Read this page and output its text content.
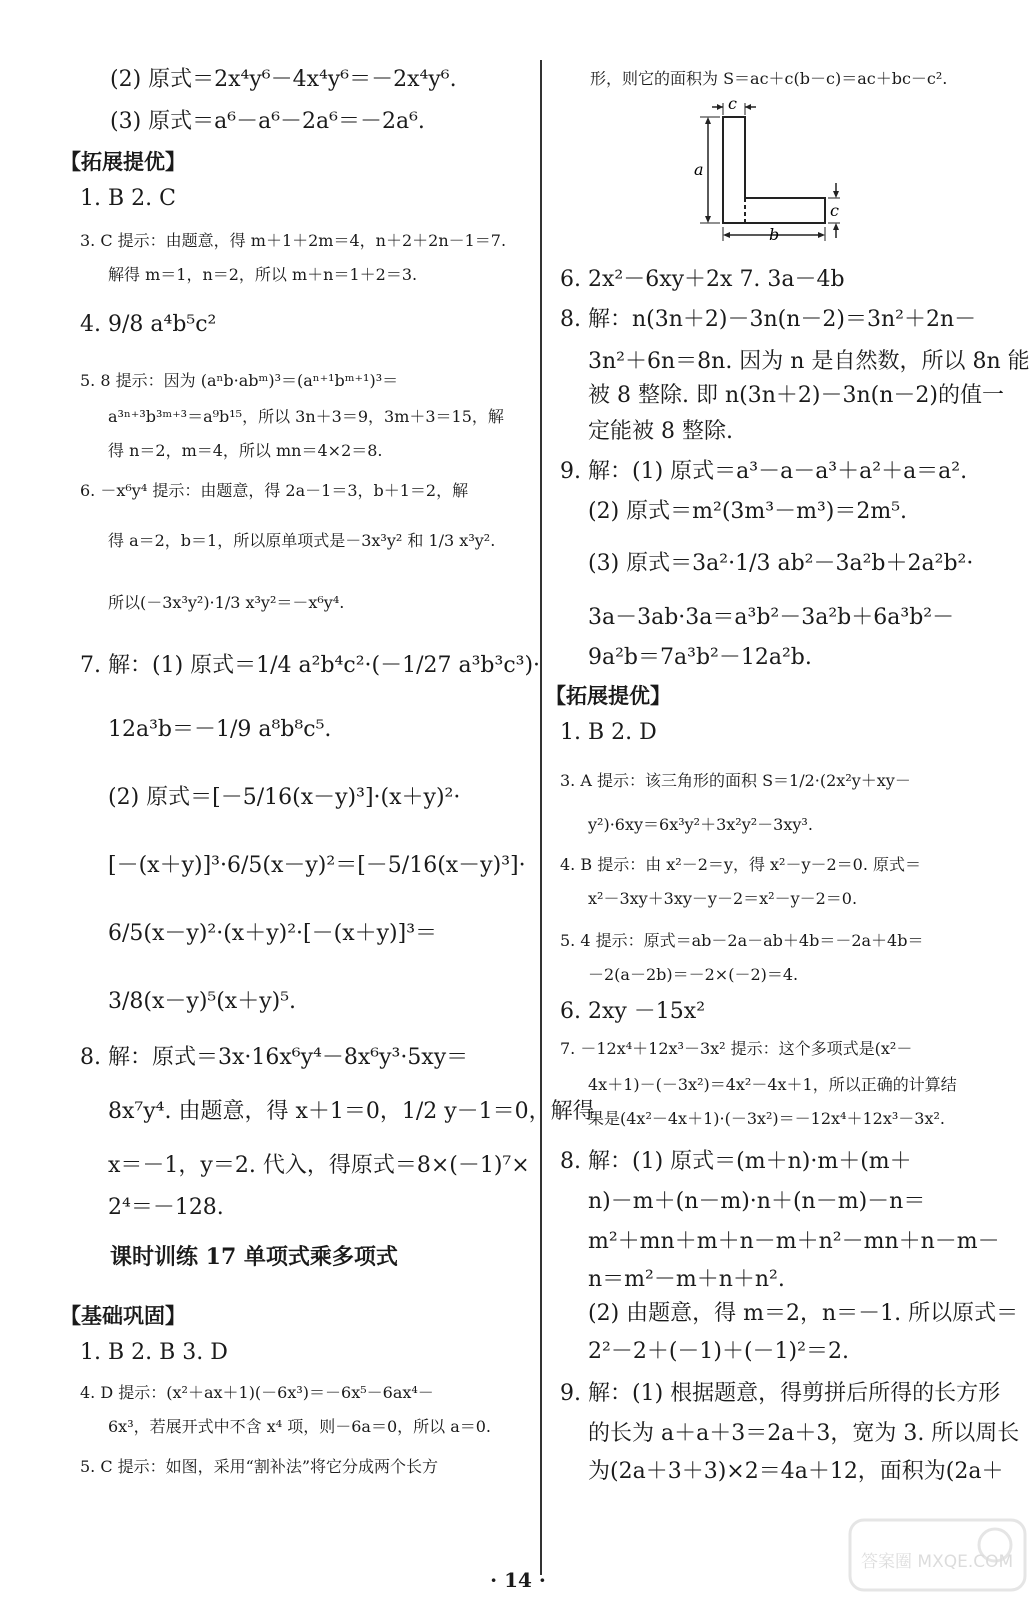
(2) 原式＝2x⁴y⁶－4x⁴y⁶＝－2x⁴y⁶.
(3) 原式＝a⁶－a⁶－2a⁶＝－2a⁶.
【拓展提优】
1. B 2. C
3. C 提示：由题意，得 m＋1＋2m＝4，n＋2＋2n－1＝7.
解得 m＝1，n＝2，所以 m＋n＝1＋2＝3.
4. 9/8 a⁴b⁵c²
5. 8 提示：因为 (aⁿb·abᵐ)³＝(aⁿ⁺¹bᵐ⁺¹)³＝
a³ⁿ⁺³b³ᵐ⁺³＝a⁹b¹⁵，所以 3n＋3＝9，3m＋3＝15，解
得 n＝2，m＝4，所以 mn＝4×2＝8.
6. －x⁶y⁴ 提示：由题意，得 2a－1＝3，b＋1＝2，解
得 a＝2，b＝1，所以原单项式是－3x³y² 和 1/3 x³y².
所以(－3x³y²)·1/3 x³y²＝－x⁶y⁴.
7. 解：(1) 原式＝1/4 a²b⁴c²·(－1/27 a³b³c³)·
12a³b＝－1/9 a⁸b⁸c⁵.
(2) 原式＝[－5/16(x－y)³]·(x＋y)²·
[－(x＋y)]³·6/5(x－y)²＝[－5/16(x－y)³]·
6/5(x－y)²·(x＋y)²·[－(x＋y)]³＝
3/8(x－y)⁵(x＋y)⁵.
8. 解：原式＝3x·16x⁶y⁴－8x⁶y³·5xy＝
8x⁷y⁴. 由题意，得 x＋1＝0，1/2 y－1＝0，解得
x＝－1，y＝2. 代入，得原式＝8×(－1)⁷×
2⁴＝－128.
课时训练 17 单项式乘多项式
【基础巩固】
1. B 2. B 3. D
4. D 提示：(x²＋ax＋1)(－6x³)＝－6x⁵－6ax⁴－
6x³，若展开式中不含 x⁴ 项，则－6a＝0，所以 a＝0.
5. C 提示：如图，采用“割补法”将它分成两个长方
形，则它的面积为 S＝ac＋c(b－c)＝ac＋bc－c².
6. 2x²－6xy＋2x 7. 3a－4b
8. 解：n(3n＋2)－3n(n－2)＝3n²＋2n－
3n²＋6n＝8n. 因为 n 是自然数，所以 8n 能
被 8 整除. 即 n(3n＋2)－3n(n－2)的值一
定能被 8 整除.
9. 解：(1) 原式＝a³－a－a³＋a²＋a＝a².
(2) 原式＝m²(3m³－m³)＝2m⁵.
(3) 原式＝3a²·1/3 ab²－3a²b＋2a²b²·
3a－3ab·3a＝a³b²－3a²b＋6a³b²－
9a²b＝7a³b²－12a²b.
【拓展提优】
1. B 2. D
3. A 提示：该三角形的面积 S＝1/2·(2x²y＋xy－
y²)·6xy＝6x³y²＋3x²y²－3xy³.
4. B 提示：由 x²－2＝y，得 x²－y－2＝0. 原式＝
x²－3xy＋3xy－y－2＝x²－y－2＝0.
5. 4 提示：原式＝ab－2a－ab＋4b＝－2a＋4b＝
－2(a－2b)＝－2×(－2)＝4.
6. 2xy －15x²
7. －12x⁴＋12x³－3x² 提示：这个多项式是(x²－
4x＋1)－(－3x²)＝4x²－4x＋1，所以正确的计算结
果是(4x²－4x＋1)·(－3x²)＝－12x⁴＋12x³－3x².
8. 解：(1) 原式＝(m＋n)·m＋(m＋
n)－m＋(n－m)·n＋(n－m)－n＝
m²＋mn＋m＋n－m＋n²－mn＋n－m－
n＝m²－m＋n＋n².
(2) 由题意，得 m＝2，n＝－1. 所以原式＝
2²－2＋(－1)＋(－1)²＝2.
9. 解：(1) 根据题意，得剪拼后所得的长方形
的长为 a＋a＋3＝2a＋3，宽为 3. 所以周长
为(2a＋3＋3)×2＝4a＋12，面积为(2a＋
c
a
c
b
· 14 ·
答案圈 MXQE.COM
